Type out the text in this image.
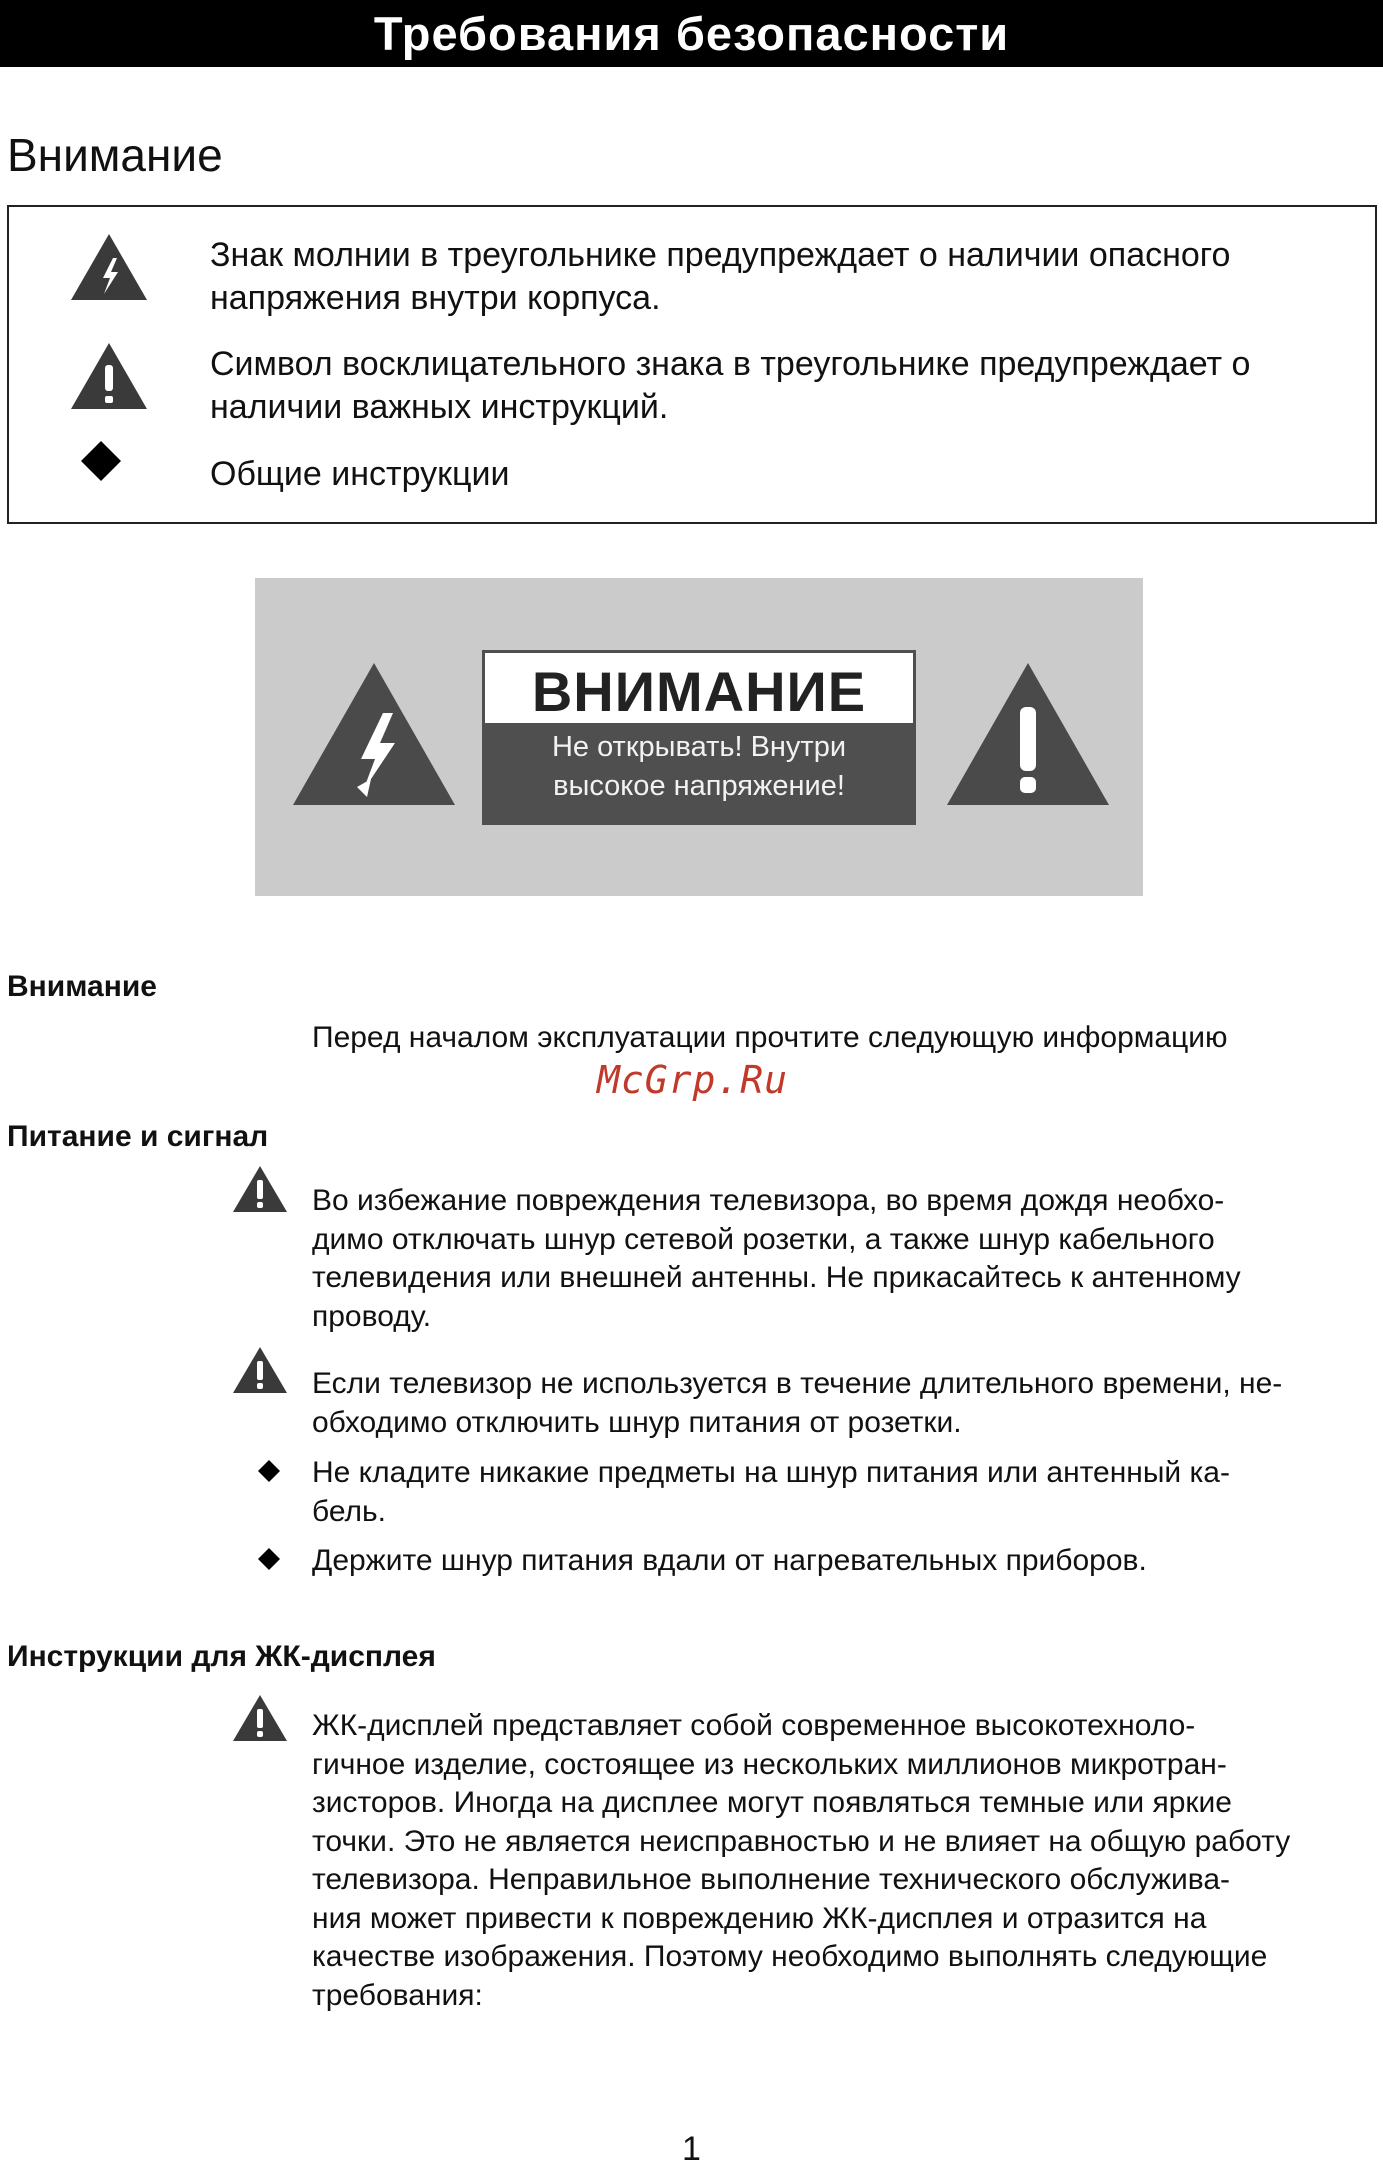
Требования безопасности
Внимание
Знак молнии в треугольнике предупреждает о наличии опасного
напряжения внутри корпуса.
Символ восклицательного знака в треугольнике предупреждает о
наличии важных инструкций.
Общие инструкции
ВНИМАНИЕ
Не открывать! Внутри
высокое напряжение!
Внимание
Перед началом эксплуатации прочтите следующую информацию
McGrp.Ru
Питание и сигнал
Во избежание повреждения телевизора, во время дождя необхо-
димо отключать шнур сетевой розетки, а также шнур кабельного
телевидения или внешней антенны. Не прикасайтесь к антенному
проводу.
Если телевизор не используется в течение длительного времени, не-
обходимо отключить шнур питания от розетки.
Не кладите никакие предметы на шнур питания или антенный ка-
бель.
Держите шнур питания вдали от нагревательных приборов.
Инструкции для ЖК-дисплея
ЖК-дисплей представляет собой современное высокотехноло-
гичное изделие, состоящее из нескольких миллионов микротран-
зисторов. Иногда на дисплее могут появляться темные или яркие
точки. Это не является неисправностью и не влияет на общую работу
телевизора. Неправильное выполнение технического обслужива-
ния может привести к повреждению ЖК-дисплея и отразится на
качестве изображения. Поэтому необходимо выполнять следующие
требования:
1
